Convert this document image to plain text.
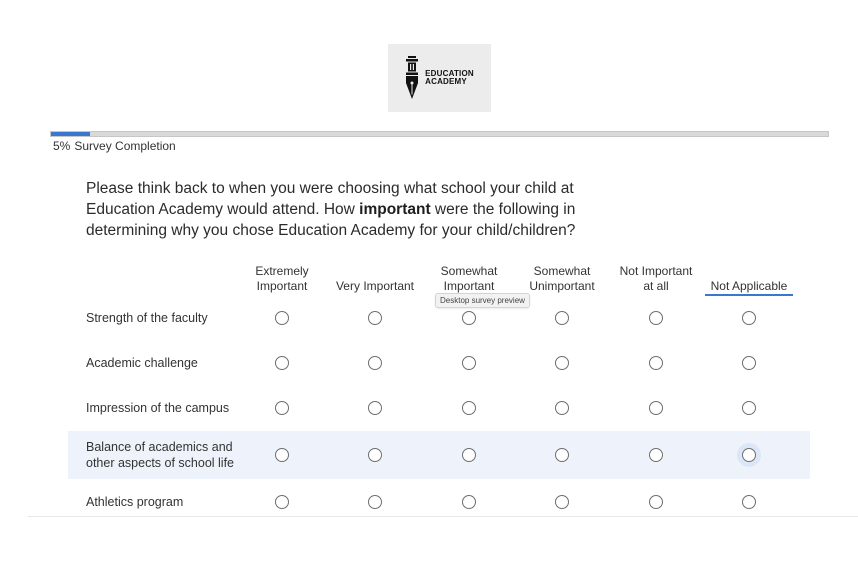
EDUCATION
ACADEMY
5% Survey Completion
Please think back to when you were choosing what school your child at Education Academy would attend. How important were the following in determining why you chose Education Academy for your child/children?
Extremely
Important Very Important
Somewhat
Important
Somewhat
Unimportant
Not Important
at all	Not Applicable
Strength of the faculty
Academic challenge
Impression of the campus
Balance of academics and other aspects of school life
Athletics program
Desktop survey preview
